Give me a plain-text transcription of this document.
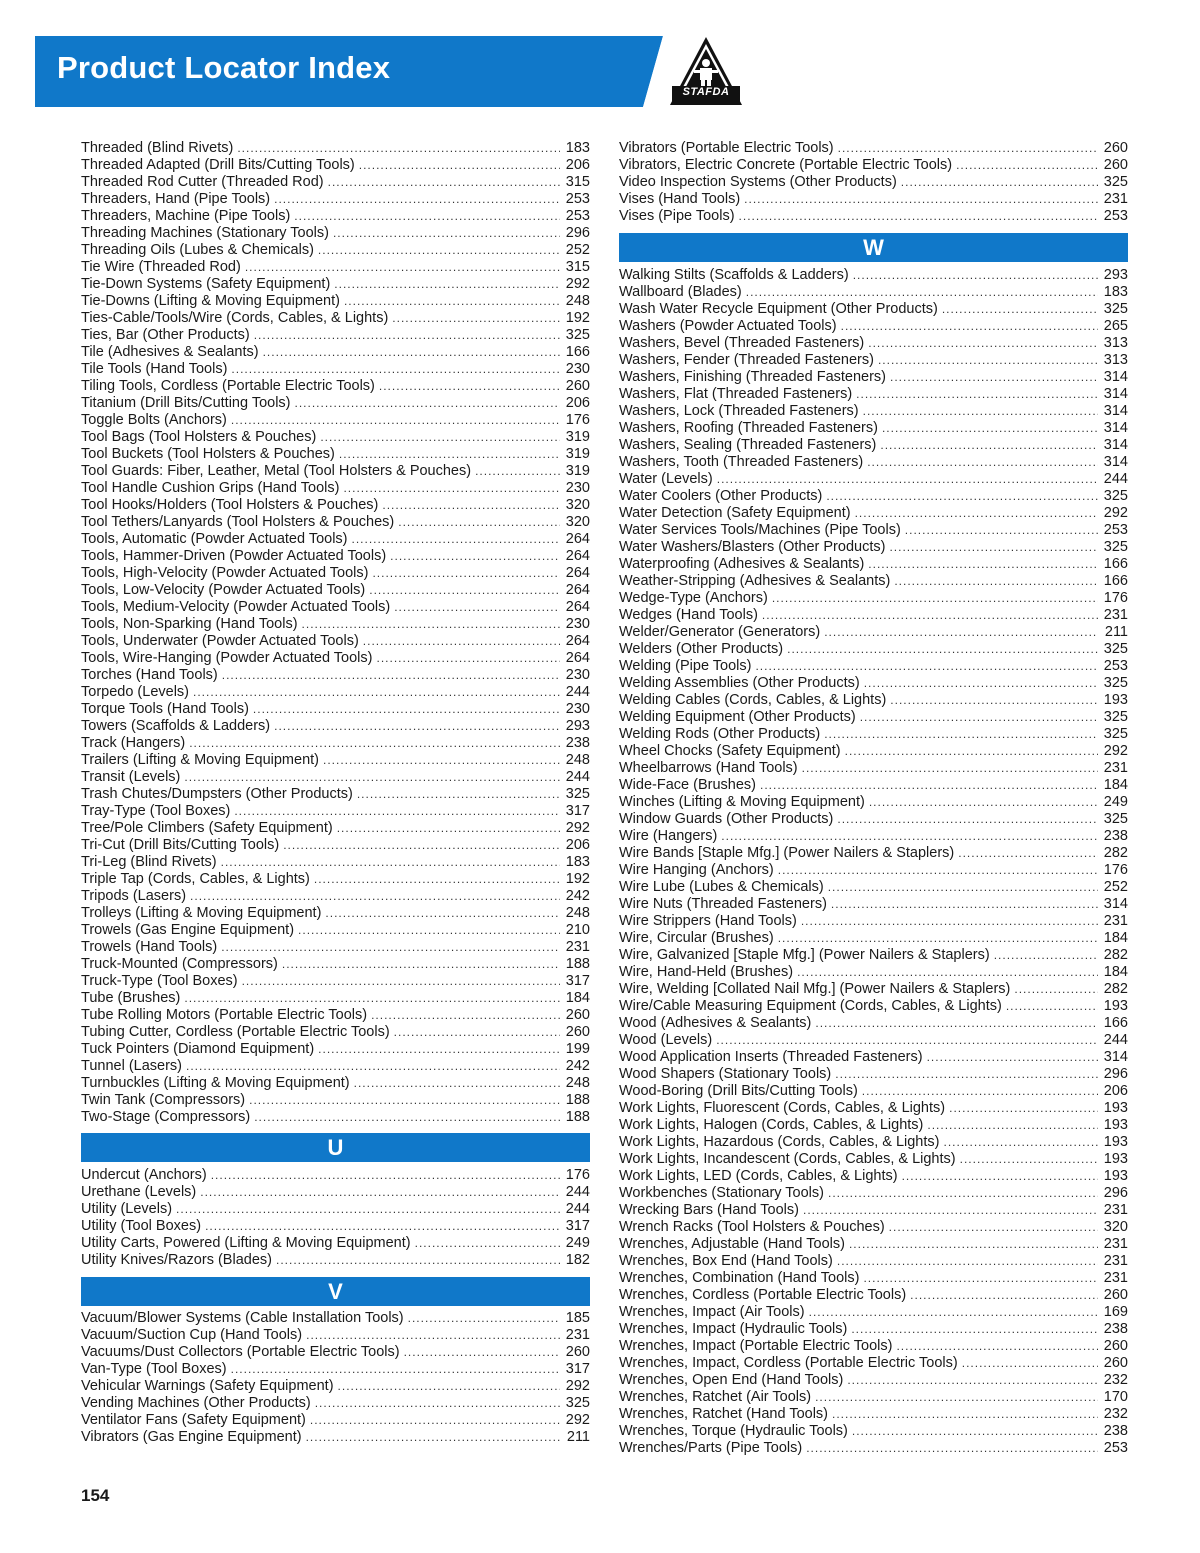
Product Locator Index
STAFDA
Threaded (Blind Rivets) .....	183
Threaded Adapted (Drill Bits/Cutting Tools) .....	206
Threaded Rod Cutter (Threaded Rod) .....	315
Threaders, Hand (Pipe Tools) .....	253
Threaders, Machine (Pipe Tools) .....	253
Threading Machines (Stationary Tools) .....	296
Threading Oils (Lubes & Chemicals) .....	252
Tie Wire (Threaded Rod) .....	315
Tie-Down Systems (Safety Equipment) .....	292
Tie-Downs (Lifting & Moving Equipment) .....	248
Ties-Cable/Tools/Wire (Cords, Cables, & Lights) .....	192
Ties, Bar (Other Products) .....	325
Tile (Adhesives & Sealants) .....	166
Tile Tools (Hand Tools) .....	230
Tiling Tools, Cordless (Portable Electric Tools) .....	260
Titanium (Drill Bits/Cutting Tools) .....	206
Toggle Bolts (Anchors) .....	176
Tool Bags (Tool Holsters & Pouches) .....	319
Tool Buckets (Tool Holsters & Pouches) .....	319
Tool Guards: Fiber, Leather, Metal (Tool Holsters & Pouches) .....	319
Tool Handle Cushion Grips (Hand Tools) .....	230
Tool Hooks/Holders (Tool Holsters & Pouches) .....	320
Tool Tethers/Lanyards (Tool Holsters & Pouches) .....	320
Tools, Automatic (Powder Actuated Tools) .....	264
Tools, Hammer-Driven (Powder Actuated Tools) .....	264
Tools, High-Velocity (Powder Actuated Tools) .....	264
Tools, Low-Velocity (Powder Actuated Tools) .....	264
Tools, Medium-Velocity (Powder Actuated Tools) .....	264
Tools, Non-Sparking (Hand Tools) .....	230
Tools, Underwater (Powder Actuated Tools) .....	264
Tools, Wire-Hanging (Powder Actuated Tools) .....	264
Torches (Hand Tools) .....	230
Torpedo (Levels) .....	244
Torque Tools (Hand Tools) .....	230
Towers (Scaffolds & Ladders) .....	293
Track (Hangers) .....	238
Trailers (Lifting & Moving Equipment) .....	248
Transit (Levels) .....	244
Trash Chutes/Dumpsters (Other Products) .....	325
Tray-Type (Tool Boxes) .....	317
Tree/Pole Climbers (Safety Equipment) .....	292
Tri-Cut (Drill Bits/Cutting Tools) .....	206
Tri-Leg (Blind Rivets) .....	183
Triple Tap (Cords, Cables, & Lights) .....	192
Tripods (Lasers) .....	242
Trolleys (Lifting & Moving Equipment) .....	248
Trowels (Gas Engine Equipment) .....	210
Trowels (Hand Tools) .....	231
Truck-Mounted (Compressors) .....	188
Truck-Type (Tool Boxes) .....	317
Tube (Brushes) .....	184
Tube Rolling Motors (Portable Electric Tools) .....	260
Tubing Cutter, Cordless (Portable Electric Tools) .....	260
Tuck Pointers (Diamond Equipment) .....	199
Tunnel (Lasers) .....	242
Turnbuckles (Lifting & Moving Equipment) .....	248
Twin Tank (Compressors) .....	188
Two-Stage (Compressors) .....	188
U
Undercut (Anchors) .....	176
Urethane (Levels) .....	244
Utility (Levels) .....	244
Utility (Tool Boxes) .....	317
Utility Carts, Powered (Lifting & Moving Equipment) .....	249
Utility Knives/Razors (Blades) .....	182
V
Vacuum/Blower Systems (Cable Installation Tools) .....	185
Vacuum/Suction Cup (Hand Tools) .....	231
Vacuums/Dust Collectors (Portable Electric Tools) .....	260
Van-Type (Tool Boxes) .....	317
Vehicular Warnings (Safety Equipment) .....	292
Vending Machines (Other Products) .....	325
Ventilator Fans (Safety Equipment) .....	292
Vibrators (Gas Engine Equipment) .....	211
Vibrators (Portable Electric Tools) .....	260
Vibrators, Electric Concrete (Portable Electric Tools) .....	260
Video Inspection Systems (Other Products) .....	325
Vises (Hand Tools) .....	231
Vises (Pipe Tools) .....	253
W
Walking Stilts (Scaffolds & Ladders) .....	293
Wallboard (Blades) .....	183
Wash Water Recycle Equipment (Other Products) .....	325
Washers (Powder Actuated Tools) .....	265
Washers, Bevel (Threaded Fasteners) .....	313
Washers, Fender (Threaded Fasteners) .....	313
Washers, Finishing (Threaded Fasteners) .....	314
Washers, Flat (Threaded Fasteners) .....	314
Washers, Lock (Threaded Fasteners) .....	314
Washers, Roofing (Threaded Fasteners) .....	314
Washers, Sealing (Threaded Fasteners) .....	314
Washers, Tooth (Threaded Fasteners) .....	314
Water (Levels) .....	244
Water Coolers (Other Products) .....	325
Water Detection (Safety Equipment) .....	292
Water Services Tools/Machines (Pipe Tools) .....	253
Water Washers/Blasters (Other Products) .....	325
Waterproofing (Adhesives & Sealants) .....	166
Weather-Stripping (Adhesives & Sealants) .....	166
Wedge-Type (Anchors) .....	176
Wedges (Hand Tools) .....	231
Welder/Generator (Generators) .....	211
Welders (Other Products) .....	325
Welding (Pipe Tools) .....	253
Welding Assemblies (Other Products) .....	325
Welding Cables (Cords, Cables, & Lights) .....	193
Welding Equipment (Other Products) .....	325
Welding Rods (Other Products) .....	325
Wheel Chocks (Safety Equipment) .....	292
Wheelbarrows (Hand Tools) .....	231
Wide-Face (Brushes) .....	184
Winches (Lifting & Moving Equipment) .....	249
Window Guards (Other Products) .....	325
Wire (Hangers) .....	238
Wire Bands [Staple Mfg.] (Power Nailers & Staplers) .....	282
Wire Hanging (Anchors) .....	176
Wire Lube (Lubes & Chemicals) .....	252
Wire Nuts (Threaded Fasteners) .....	314
Wire Strippers (Hand Tools) .....	231
Wire, Circular (Brushes) .....	184
Wire, Galvanized [Staple Mfg.] (Power Nailers & Staplers) .....	282
Wire, Hand-Held (Brushes) .....	184
Wire, Welding [Collated Nail Mfg.] (Power Nailers & Staplers) .....	282
Wire/Cable Measuring Equipment (Cords, Cables, & Lights) .....	193
Wood (Adhesives & Sealants) .....	166
Wood (Levels) .....	244
Wood Application Inserts (Threaded Fasteners) .....	314
Wood Shapers (Stationary Tools) .....	296
Wood-Boring (Drill Bits/Cutting Tools) .....	206
Work Lights, Fluorescent (Cords, Cables, & Lights) .....	193
Work Lights, Halogen (Cords, Cables, & Lights) .....	193
Work Lights, Hazardous (Cords, Cables, & Lights) .....	193
Work Lights, Incandescent (Cords, Cables, & Lights) .....	193
Work Lights, LED (Cords, Cables, & Lights) .....	193
Workbenches (Stationary Tools) .....	296
Wrecking Bars (Hand Tools) .....	231
Wrench Racks (Tool Holsters & Pouches) .....	320
Wrenches, Adjustable (Hand Tools) .....	231
Wrenches, Box End (Hand Tools) .....	231
Wrenches, Combination (Hand Tools) .....	231
Wrenches, Cordless (Portable Electric Tools) .....	260
Wrenches, Impact (Air Tools) .....	169
Wrenches, Impact (Hydraulic Tools) .....	238
Wrenches, Impact (Portable Electric Tools) .....	260
Wrenches, Impact, Cordless (Portable Electric Tools) .....	260
Wrenches, Open End (Hand Tools) .....	232
Wrenches, Ratchet (Air Tools) .....	170
Wrenches, Ratchet (Hand Tools) .....	232
Wrenches, Torque (Hydraulic Tools) .....	238
Wrenches/Parts (Pipe Tools) .....	253
154
